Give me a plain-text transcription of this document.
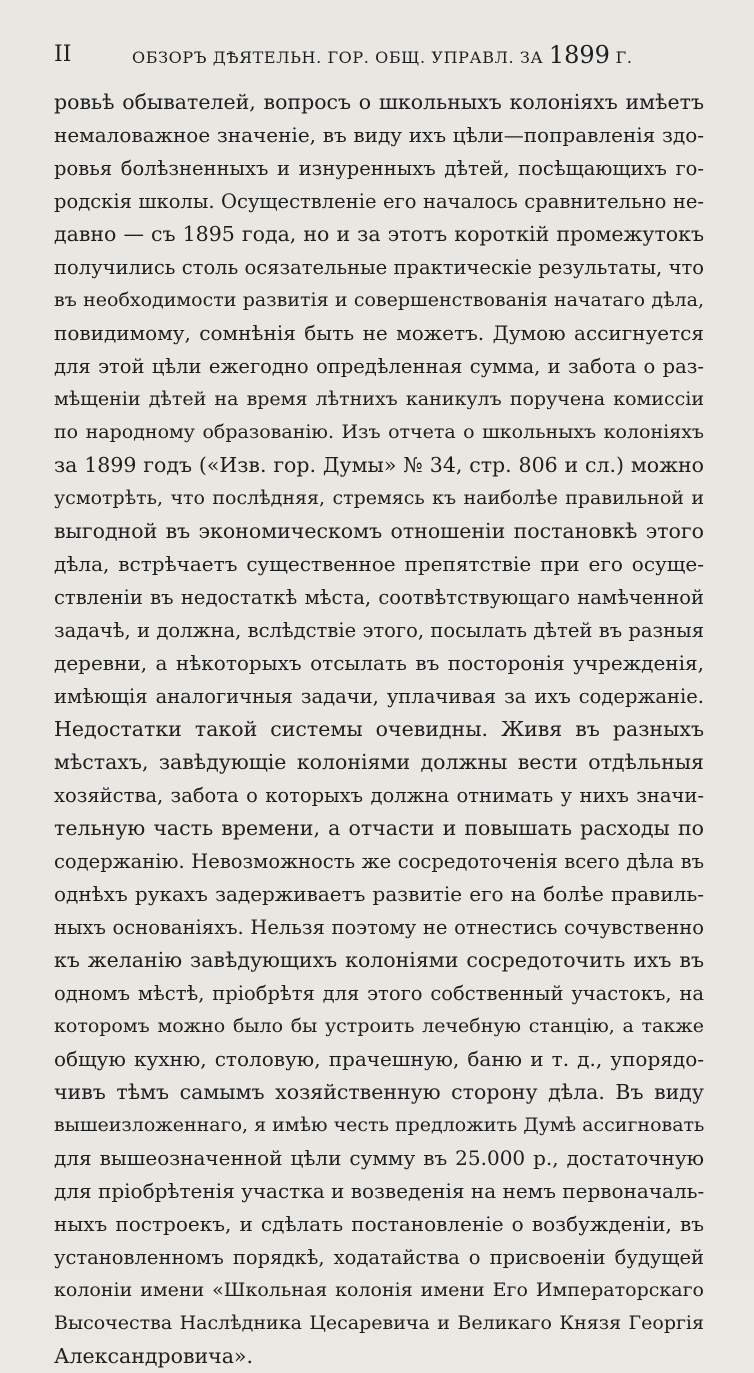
II	ОБЗОРЪ ДѢЯТЕЛЬН. ГОР. ОБЩ. УПРАВЛ. ЗА 1899 Г.
ровьѣ обывателей, вопросъ о школьныхъ колоніяхъ имѣетъ
немаловажное значеніе, въ виду ихъ цѣли—поправленія здо-
ровья болѣзненныхъ и изнуренныхъ дѣтей, посѣщающихъ го-
родскія школы. Осуществленіе его началось сравнительно не-
давно — съ 1895 года, но и за этотъ короткій промежутокъ
получились столь осязательные практическіе результаты, что
въ необходимости развитія и совершенствованія начатаго дѣла,
повидимому, сомнѣнія быть не можетъ. Думою ассигнуется
для этой цѣли ежегодно опредѣленная сумма, и забота о раз-
мѣщеніи дѣтей на время лѣтнихъ каникулъ поручена комиссіи
по народному образованію. Изъ отчета о школьныхъ колоніяхъ
за 1899 годъ («Изв. гор. Думы» № 34, стр. 806 и сл.) можно
усмотрѣть, что послѣдняя, стремясь къ наиболѣе правильной и
выгодной въ экономическомъ отношеніи постановкѣ этого
дѣла, встрѣчаетъ существенное препятствіе при его осуще-
ствленіи въ недостаткѣ мѣста, соотвѣтствующаго намѣченной
задачѣ, и должна, вслѣдствіе этого, посылать дѣтей въ разныя
деревни, а нѣкоторыхъ отсылать въ посторонія учрежденія,
имѣющія аналогичныя задачи, уплачивая за ихъ содержаніе.
Недостатки такой системы очевидны. Живя въ разныхъ
мѣстахъ, завѣдующіе колоніями должны вести отдѣльныя
хозяйства, забота о которыхъ должна отнимать у нихъ значи-
тельную часть времени, а отчасти и повышать расходы по
содержанію. Невозможность же сосредоточенія всего дѣла въ
однѣхъ рукахъ задерживаетъ развитіе его на болѣе правиль-
ныхъ основаніяхъ. Нельзя поэтому не отнестись сочувственно
къ желанію завѣдующихъ колоніями сосредоточить ихъ въ
одномъ мѣстѣ, пріобрѣтя для этого собственный участокъ, на
которомъ можно было бы устроить лечебную станцію, а также
общую кухню, столовую, прачешную, баню и т. д., упорядо-
чивъ тѣмъ самымъ хозяйственную сторону дѣла. Въ виду
вышеизложеннаго, я имѣю честь предложить Думѣ ассигновать
для вышеозначенной цѣли сумму въ 25.000 р., достаточную
для пріобрѣтенія участка и возведенія на немъ первоначаль-
ныхъ построекъ, и сдѣлать постановленіе о возбужденіи, въ
установленномъ порядкѣ, ходатайства о присвоеніи будущей
колоніи имени «Школьная колонія имени Его Императорскаго
Высочества Наслѣдника Цесаревича и Великаго Князя Георгія
Александровича».
